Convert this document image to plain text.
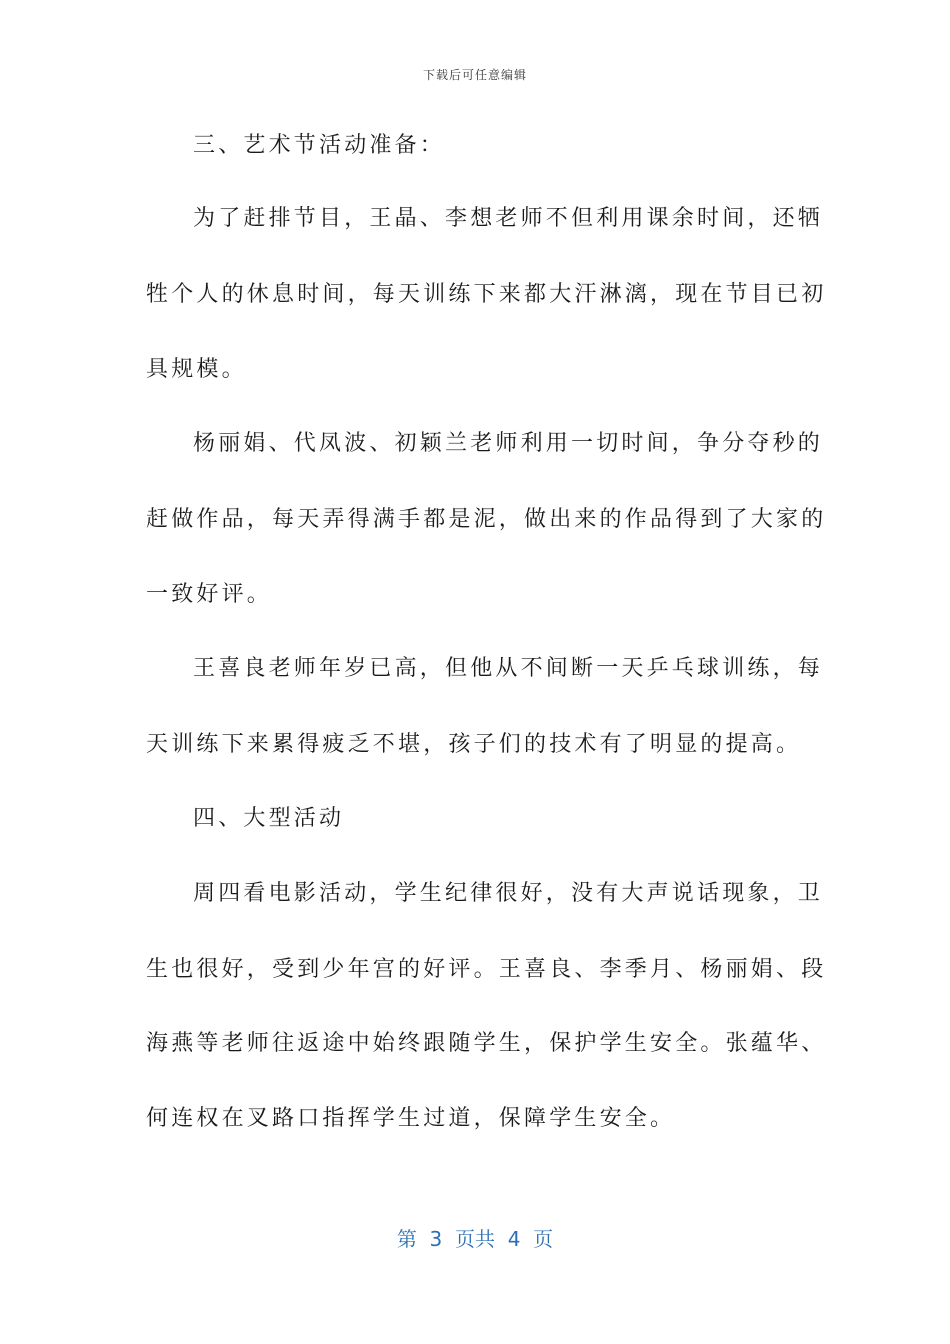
下载后可任意编辑
三、艺术节活动准备：
为了赶排节目，王晶、李想老师不但利用课余时间，还牺
牲个人的休息时间，每天训练下来都大汗淋漓，现在节目已初
具规模。
杨丽娟、代凤波、初颖兰老师利用一切时间，争分夺秒的
赶做作品，每天弄得满手都是泥，做出来的作品得到了大家的
一致好评。
王喜良老师年岁已高，但他从不间断一天乒乓球训练，每
天训练下来累得疲乏不堪，孩子们的技术有了明显的提高。
四、大型活动
周四看电影活动，学生纪律很好，没有大声说话现象，卫
生也很好，受到少年宫的好评。王喜良、李季月、杨丽娟、段
海燕等老师往返途中始终跟随学生，保护学生安全。张蕴华、
何连权在叉路口指挥学生过道，保障学生安全。
第  3  页共  4  页
